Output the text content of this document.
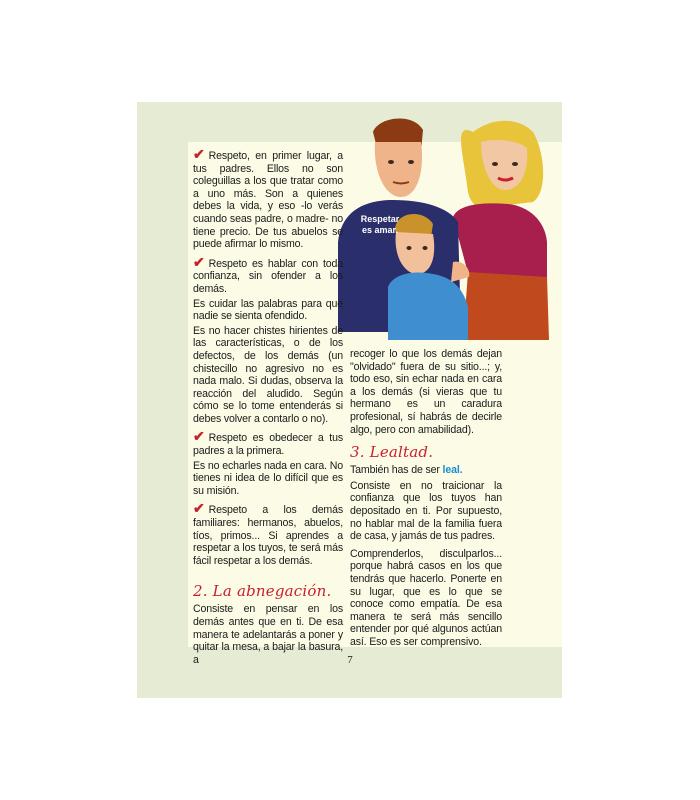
Respetar es amar.

✔ Respeto, en primer lugar, a tus padres. Ellos no son coleguillas a los que tratar como a uno más. Son a quienes debes la vida, y eso -lo verás cuando seas padre, o madre- no tiene precio. De tus abuelos se puede afirmar lo mismo.

✔ Respeto es hablar con toda confianza, sin ofender a los demás.

Es cuidar las palabras para que nadie se sienta ofendido.

Es no hacer chistes hirientes de las características, o de los defectos, de los demás (un chistecillo no agresivo no es nada malo. Si dudas, observa la reacción del aludido. Según cómo se lo tome entenderás si debes volver a contarlo o no).

✔ Respeto es obedecer a tus padres a la primera.

Es no echarles nada en cara. No tienes ni idea de lo difícil que es su misión.

✔ Respeto a los demás familiares: hermanos, abuelos, tíos, primos... Si aprendes a respetar a los tuyos, te será más fácil respetar a los demás.

2. La abnegación.

Consiste en pensar en los demás antes que en ti. De esa manera te adelantarás a poner y quitar la mesa, a bajar la basura, a

recoger lo que los demás dejan "olvidado" fuera de su sitio...; y, todo eso, sin echar nada en cara a los demás (si vieras que tu hermano es un caradura profesional, sí habrás de decirle algo, pero con amabilidad).

3. Lealtad.

También has de ser leal.

Consiste en no traicionar la confianza que los tuyos han depositado en ti. Por supuesto, no hablar mal de la familia fuera de casa, y jamás de tus padres.

Comprenderlos, disculparlos... porque habrá casos en los que tendrás que hacerlo. Ponerte en su lugar, que es lo que se conoce como empatía. De esa manera te será más sencillo entender por qué algunos actúan así. Eso es ser comprensivo.

7
